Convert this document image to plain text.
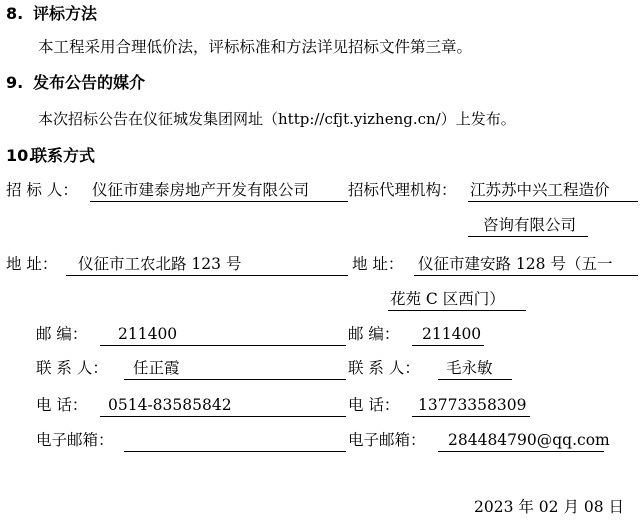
8. 评标方法
本工程采用合理低价法，评标标准和方法详见招标文件第三章。
9. 发布公告的媒介
本次招标公告在仪征城发集团网址（http://cfjt.yizheng.cn/）上发布。
10.
联系方式
招 标 人： 仪征市建泰房地产开发有限公司	招标代理机构： 江苏苏中兴工程造价
咨询有限公司
地 址： 仪征市工农北路 123 号	地 址： 仪征市建安路 128 号（五一
花苑 C 区西门）
邮 编： 211400	邮 编： 211400
联 系 人： 任正霞	联 系 人： 毛永敏
电 话： 0514-83585842	电 话： 13773358309
电子邮箱：	电子邮箱： 284484790@qq.com
2023 年 02 月 08 日
